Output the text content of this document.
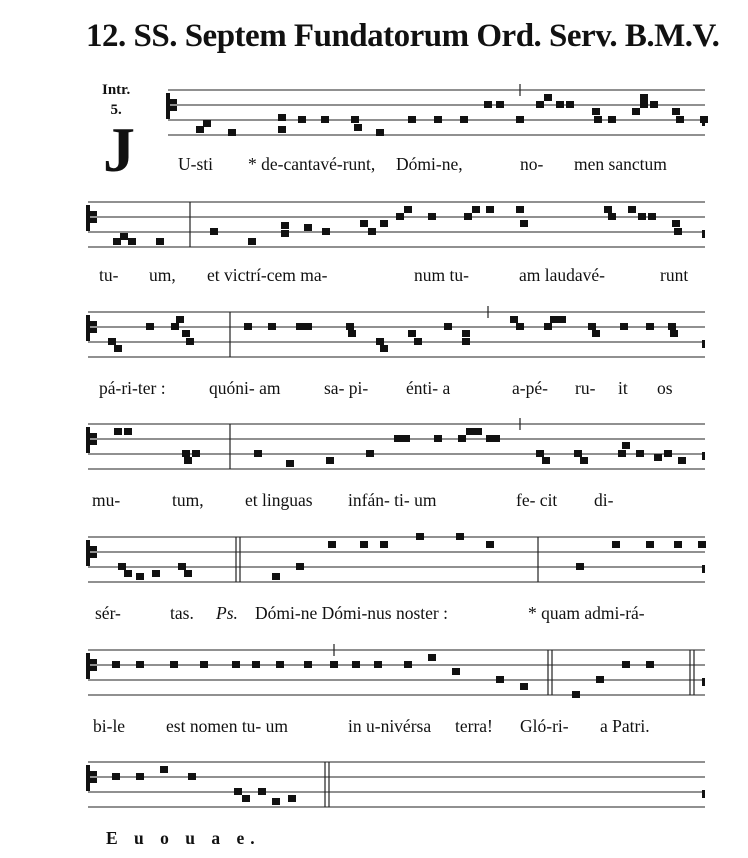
12. SS. Septem Fundatorum Ord. Serv. B.M.V.
Intr.
5.
J U-sti * de-cantavé-runt, Dómi-ne,	no- men sanctum
tu- um, et victrí-cem ma-	num tu-	am laudavé-	runt
pá-ri-ter : quóni- am sa- pi- énti- a	a-pé- ru- it os
mu-	tum, et linguas infán- ti- um	fe- cit di-
sér-	tas. Ps. Dómi-ne Dómi-nus noster :	* quam admi-rá-
bi-le est nomen tu- um	in u-nivérsa terra! Gló-ri- a Patri.
E u o u a e.
